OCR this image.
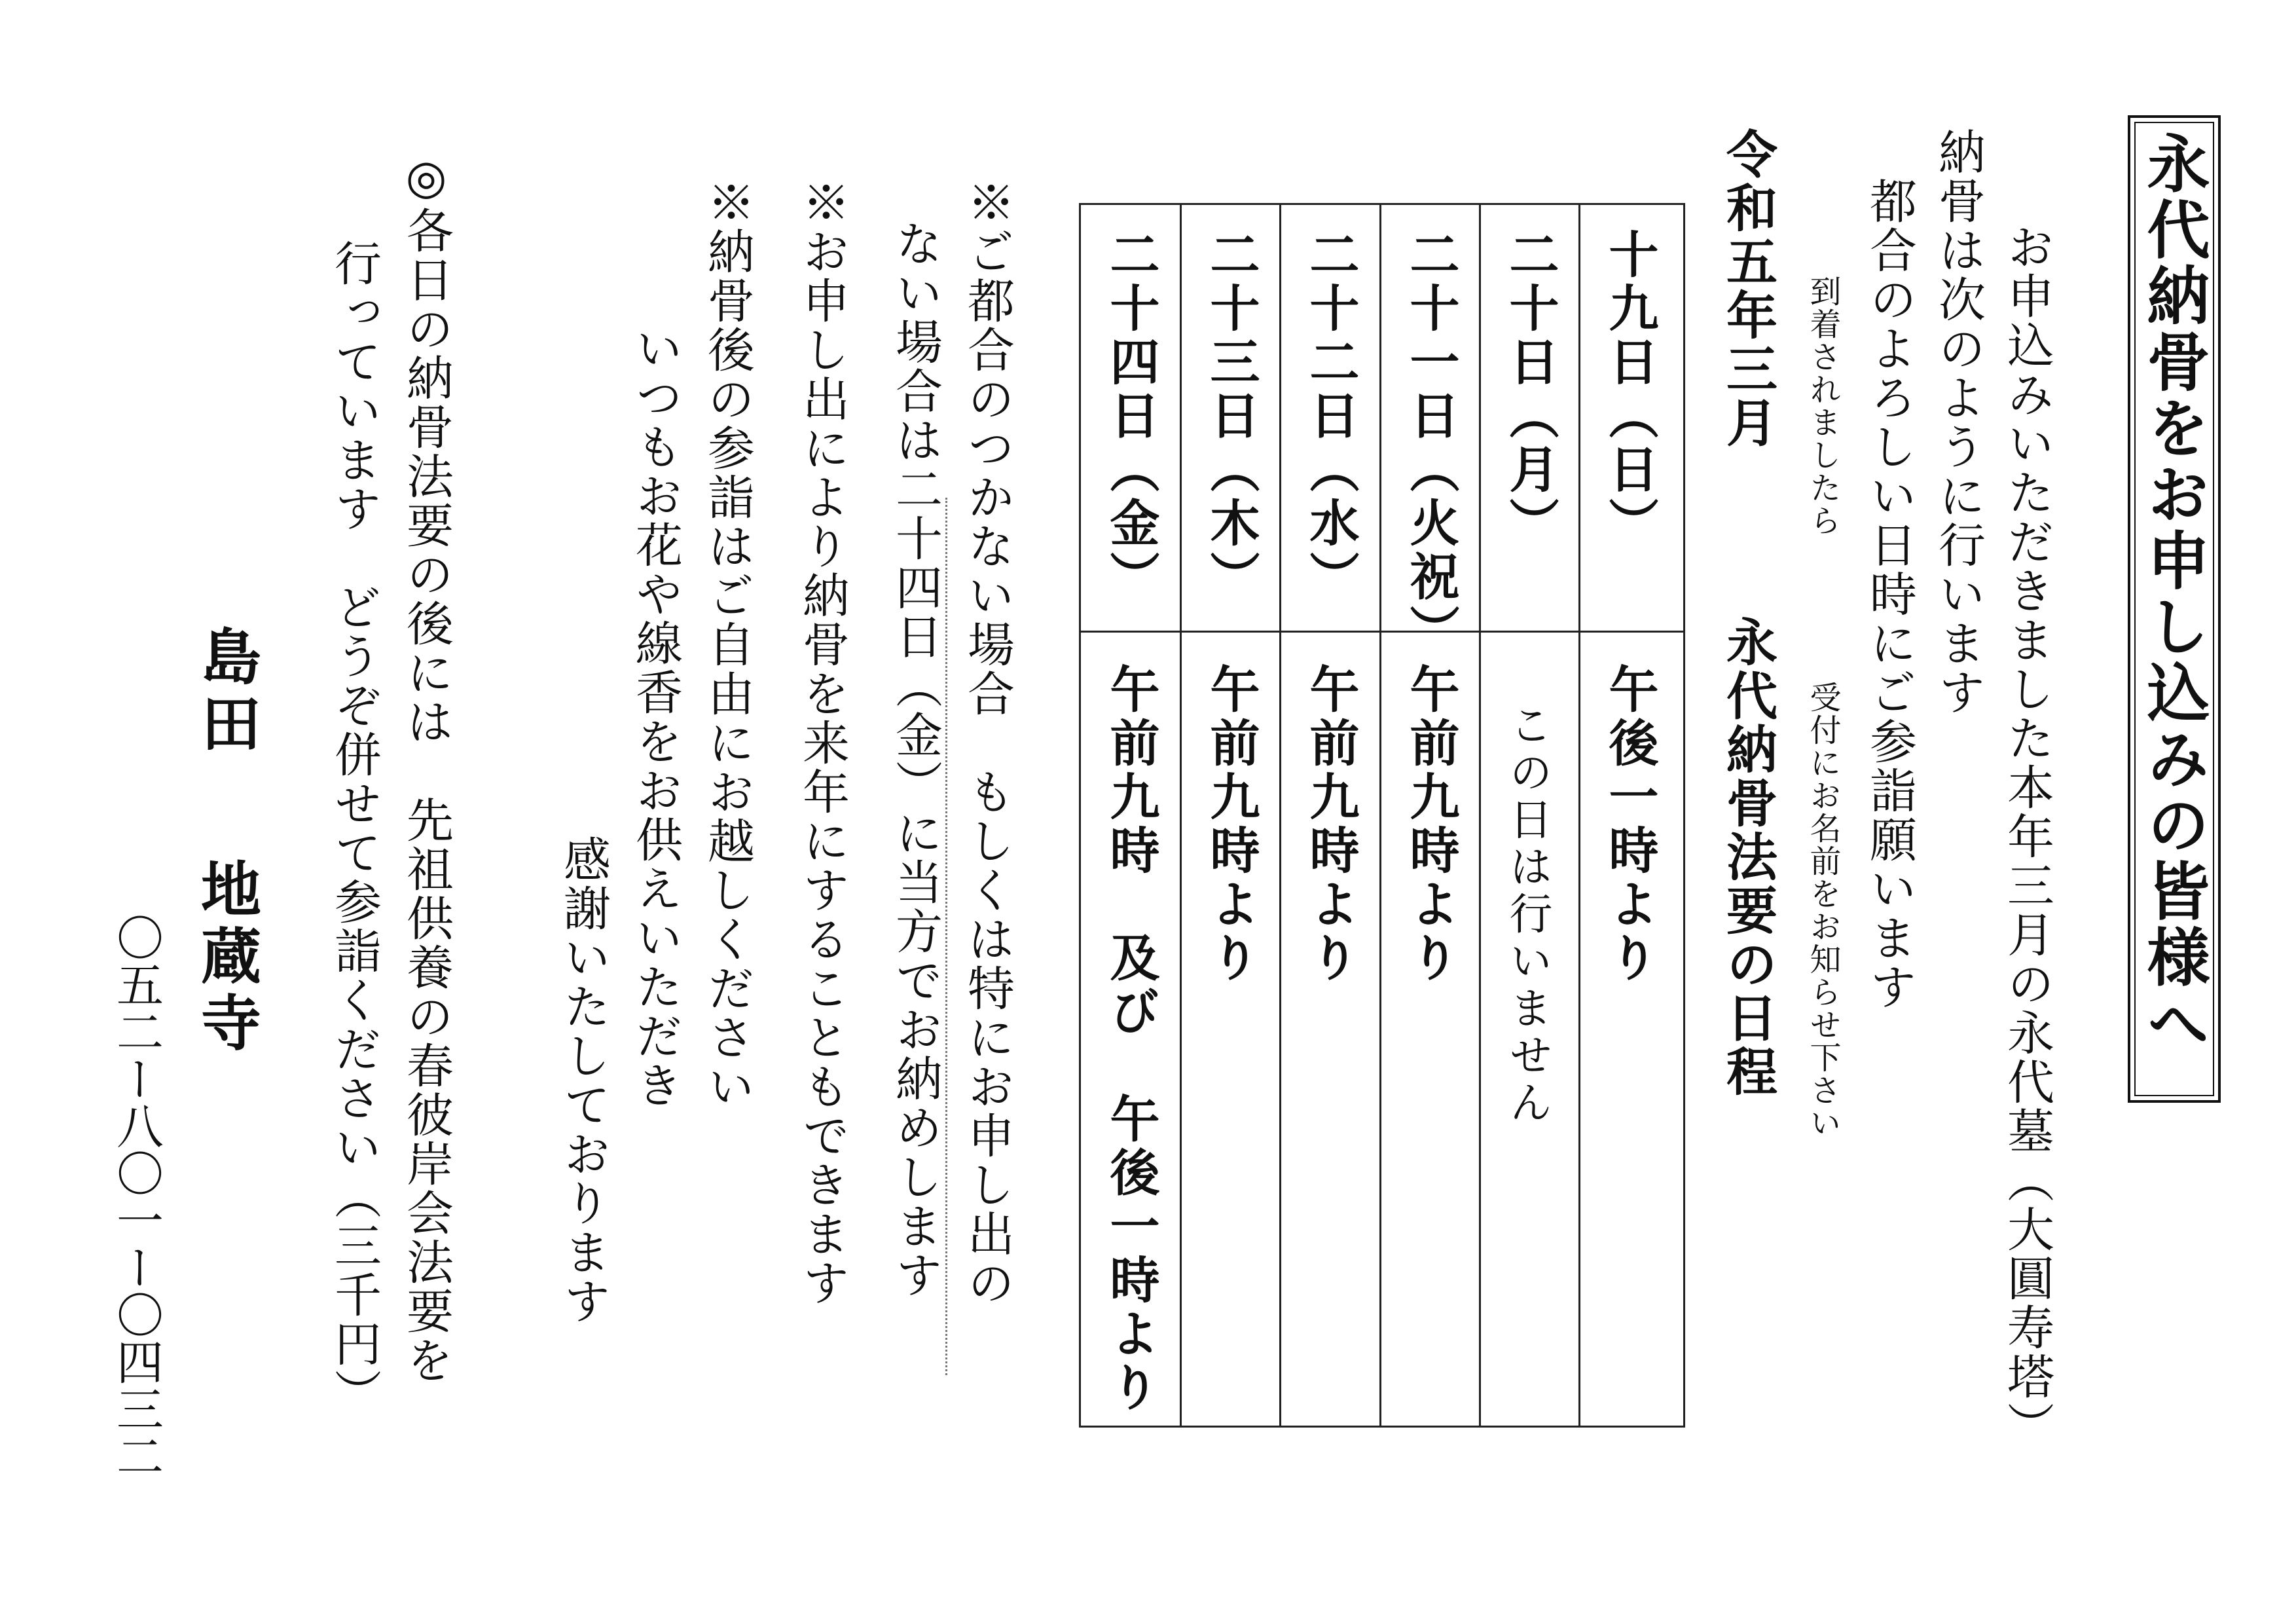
永代納骨をお申し込みの皆様へ
お申込みいただきました本年三月の永代墓（大圓寿塔）
納骨は次のように行います
都合のよろしい日時にご参詣願います
到着されましたら
受付にお名前をお知らせ下さい
令和五年三月
永代納骨法要の日程
十九日（日）
二十日（月）
二十一日（火祝）
二十二日（水）
二十三日（木）
二十四日（金）
午後一時より
この日は行いません
午前九時より
午前九時より
午前九時より
午前九時　及び　午後一時より
※ご都合のつかない場合　もしくは特にお申し出の
ない場合は二十四日（金）に当方でお納めします
※お申し出により納骨を来年にすることもできます
※納骨後の参詣はご自由にお越しください
いつもお花や線香をお供えいただき
感謝いたしております
◎各日の納骨法要の後には　先祖供養の春彼岸会法要を
行っています　どうぞ併せて参詣ください（三千円）
島田
地蔵寺
〇五二ー八〇一ー〇四三二
